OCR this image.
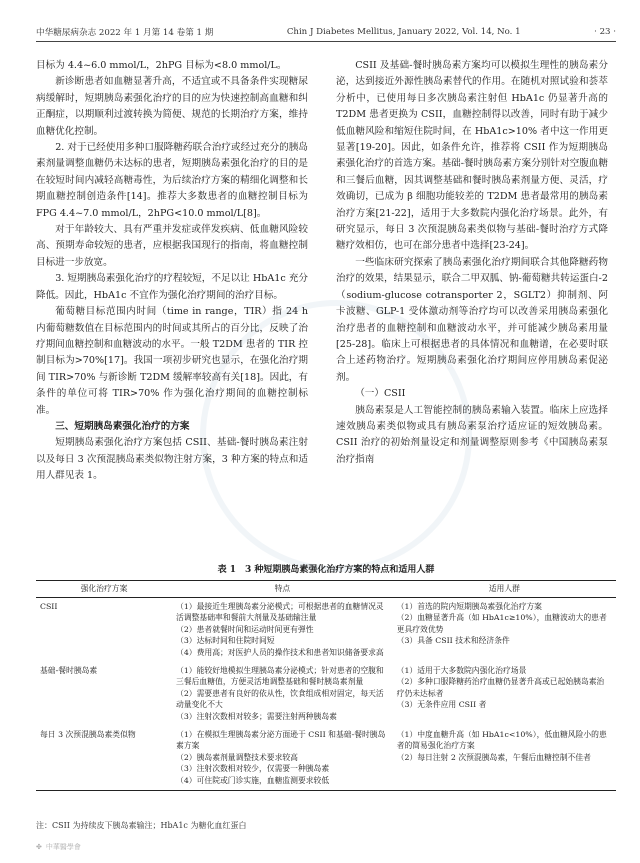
中华糖尿病杂志 2022 年 1 月第 14 卷第 1 期	Chin J Diabetes Mellitus, January 2022, Vol. 14, No. 1	· 23 ·

目标为 4.4~6.0 mmol/L，2hPG 目标为<8.0 mmol/L。

新诊断患者如血糖显著升高，不适宜或不具备条件实现糖尿病缓解时，短期胰岛素强化治疗的目的应为快速控制高血糖和纠正酮症，以期顺利过渡转换为简便、规范的长期治疗方案，维持血糖优化控制。

2. 对于已经使用多种口服降糖药联合治疗或经过充分的胰岛素剂量调整血糖仍未达标的患者，短期胰岛素强化治疗的目的是在较短时间内减轻高糖毒性，为后续治疗方案的精细化调整和长期血糖控制创造条件[14]。推荐大多数患者的血糖控制目标为 FPG 4.4~7.0 mmol/L，2hPG<10.0 mmol/L[8]。

对于年龄较大、具有严重并发症或伴发疾病、低血糖风险较高、预期寿命较短的患者，应根据我国现行的指南，将血糖控制目标进一步放宽。

3. 短期胰岛素强化治疗的疗程较短，不足以让 HbA1c 充分降低。因此，HbA1c 不宜作为强化治疗期间的治疗目标。

葡萄糖目标范围内时间（time in range，TIR）指 24 h 内葡萄糖数值在目标范围内的时间或其所占的百分比，反映了治疗期间血糖控制和血糖波动的水平。一般 T2DM 患者的 TIR 控制目标为>70%[17]。我国一项初步研究也显示，在强化治疗期间 TIR>70% 与新诊断 T2DM 缓解率较高有关[18]。因此，有条件的单位可将 TIR>70% 作为强化治疗期间的血糖控制标准。

三、短期胰岛素强化治疗的方案

短期胰岛素强化治疗方案包括 CSII、基础-餐时胰岛素注射以及每日 3 次预混胰岛素类似物注射方案，3 种方案的特点和适用人群见表 1。

CSII 及基础-餐时胰岛素方案均可以模拟生理性的胰岛素分泌，达到接近外源性胰岛素替代的作用。在随机对照试验和荟萃分析中，已使用每日多次胰岛素注射但 HbA1c 仍显著升高的 T2DM 患者更换为 CSII，血糖控制得以改善，同时有助于减少低血糖风险和缩短住院时间，在 HbA1c>10% 者中这一作用更显著[19-20]。因此，如条件允许，推荐将 CSII 作为短期胰岛素强化治疗的首选方案。基础-餐时胰岛素方案分别针对空腹血糖和三餐后血糖，因其调整基础和餐时胰岛素剂量方便、灵活，疗效确切，已成为 β 细胞功能较差的 T2DM 患者最常用的胰岛素治疗方案[21-22]，适用于大多数院内强化治疗场景。此外，有研究显示，每日 3 次预混胰岛素类似物与基础-餐时治疗方式降糖疗效相仿，也可在部分患者中选择[23-24]。

一些临床研究探索了胰岛素强化治疗期间联合其他降糖药物治疗的效果，结果显示，联合二甲双胍、钠-葡萄糖共转运蛋白-2（sodium-glucose cotransporter 2，SGLT2）抑制剂、阿卡波糖、GLP-1 受体激动剂等治疗均可以改善采用胰岛素强化治疗患者的血糖控制和血糖波动水平，并可能减少胰岛素用量[25-28]。临床上可根据患者的具体情况和血糖谱，在必要时联合上述药物治疗。短期胰岛素强化治疗期间应停用胰岛素促泌剂。

（一）CSII

胰岛素泵是人工智能控制的胰岛素输入装置。临床上应选择速效胰岛素类似物或具有胰岛素泵治疗适应证的短效胰岛素。CSII 治疗的初始剂量设定和剂量调整原则参考《中国胰岛素泵治疗指南

表 1　3 种短期胰岛素强化治疗方案的特点和适用人群
强化治疗方案	特点	适用人群
CSII	（1）最接近生理胰岛素分泌模式；可根据患者的血糖情况灵活调整基础率和餐前大剂量及基础输注量
（2）患者就餐时间和运动时间更有弹性
（3）达标时间和住院时间短
（4）费用高；对医护人员的操作技术和患者知识储备要求高	（1）首选的院内短期胰岛素强化治疗方案
（2）血糖显著升高（如 HbA1c≥10%），血糖波动大的患者更具疗效优势
（3）具备 CSII 技术和经济条件

基础-餐时胰岛素	（1）能较好地模拟生理胰岛素分泌模式；针对患者的空腹和三餐后血糖值，方便灵活地调整基础和餐时胰岛素剂量
（2）需要患者有良好的依从性，饮食组成相对固定，每天活动量变化不大
（3）注射次数相对较多；需要注射两种胰岛素	（1）适用于大多数院内强化治疗场景
（2）多种口服降糖药治疗血糖仍显著升高或已起始胰岛素治疗仍未达标者
（3）无条件应用 CSII 者

每日 3 次预混胰岛素类似物	（1）在模拟生理胰岛素分泌方面逊于 CSII 和基础-餐时胰岛素方案
（2）胰岛素剂量调整技术要求较高
（3）注射次数相对较少，仅需要一种胰岛素
（4）可住院或门诊实施，血糖监测要求较低	（1）中度血糖升高（如 HbA1c<10%），低血糖风险小的患者的简易强化治疗方案
（2）每日注射 2 次预混胰岛素，午餐后血糖控制不佳者
注：CSII 为持续皮下胰岛素输注；HbA1c 为糖化血红蛋白
✤ 中華醫學會
